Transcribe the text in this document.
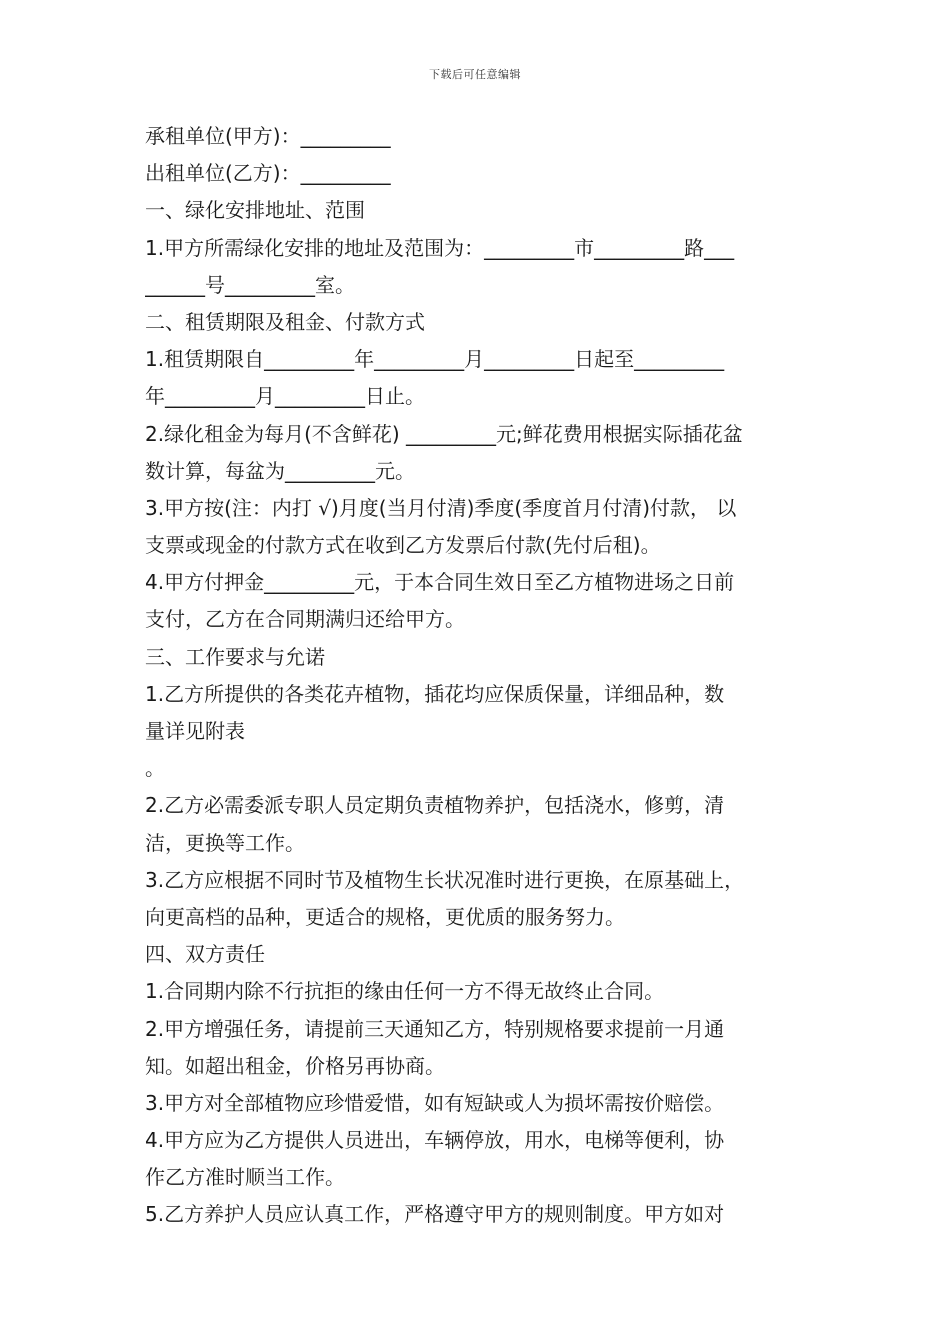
下载后可任意编辑
承租单位(甲方)：_________
出租单位(乙方)：_________
一、绿化安排地址、范围
1.甲方所需绿化安排的地址及范围为：_________市_________路___
______号_________室。
二、租赁期限及租金、付款方式
1.租赁期限自_________年_________月_________日起至_________
年_________月_________日止。
2.绿化租金为每月(不含鲜花) _________元;鲜花费用根据实际插花盆
数计算，每盆为_________元。
3.甲方按(注：内打 √)月度(当月付清)季度(季度首月付清)付款， 以
支票或现金的付款方式在收到乙方发票后付款(先付后租)。
4.甲方付押金_________元，于本合同生效日至乙方植物进场之日前
支付，乙方在合同期满归还给甲方。
三、工作要求与允诺
1.乙方所提供的各类花卉植物，插花均应保质保量，详细品种，数
量详见附表
。
2.乙方必需委派专职人员定期负责植物养护，包括浇水，修剪，清
洁，更换等工作。
3.乙方应根据不同时节及植物生长状况准时进行更换，在原基础上，
向更高档的品种，更适合的规格，更优质的服务努力。
四、双方责任
1.合同期内除不行抗拒的缘由任何一方不得无故终止合同。
2.甲方增强任务，请提前三天通知乙方，特别规格要求提前一月通
知。如超出租金，价格另再协商。
3.甲方对全部植物应珍惜爱惜，如有短缺或人为损坏需按价赔偿。
4.甲方应为乙方提供人员进出，车辆停放，用水，电梯等便利，协
作乙方准时顺当工作。
5.乙方养护人员应认真工作，严格遵守甲方的规则制度。甲方如对
